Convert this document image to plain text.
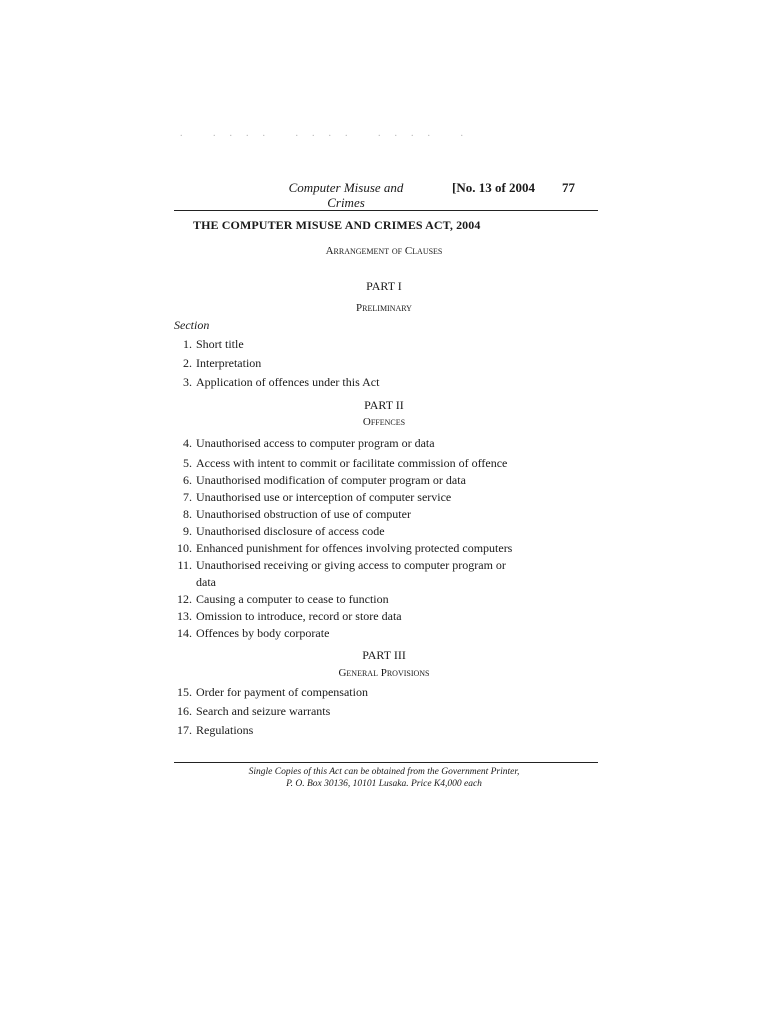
. .... .... .... .
Computer Misuse and
Crimes
[No. 13 of 2004 77
THE COMPUTER MISUSE AND CRIMES ACT, 2004
Arrangement of Clauses
PART I
Preliminary
Section
1. Short title
2. Interpretation
3. Application of offences under this Act
PART II
Offences
4. Unauthorised access to computer program or data
5. Access with intent to commit or facilitate commission of offence
6. Unauthorised modification of computer program or data
7. Unauthorised use or interception of computer service
8. Unauthorised obstruction of use of computer
9. Unauthorised disclosure of access code
10. Enhanced punishment for offences involving protected computers
11. Unauthorised receiving or giving access to computer program or
data
12. Causing a computer to cease to function
13. Omission to introduce, record or store data
14. Offences by body corporate
PART III
General Provisions
15. Order for payment of compensation
16. Search and seizure warrants
17. Regulations
Single Copies of this Act can be obtained from the Government Printer,
P. O. Box 30136, 10101 Lusaka. Price K4,000 each
